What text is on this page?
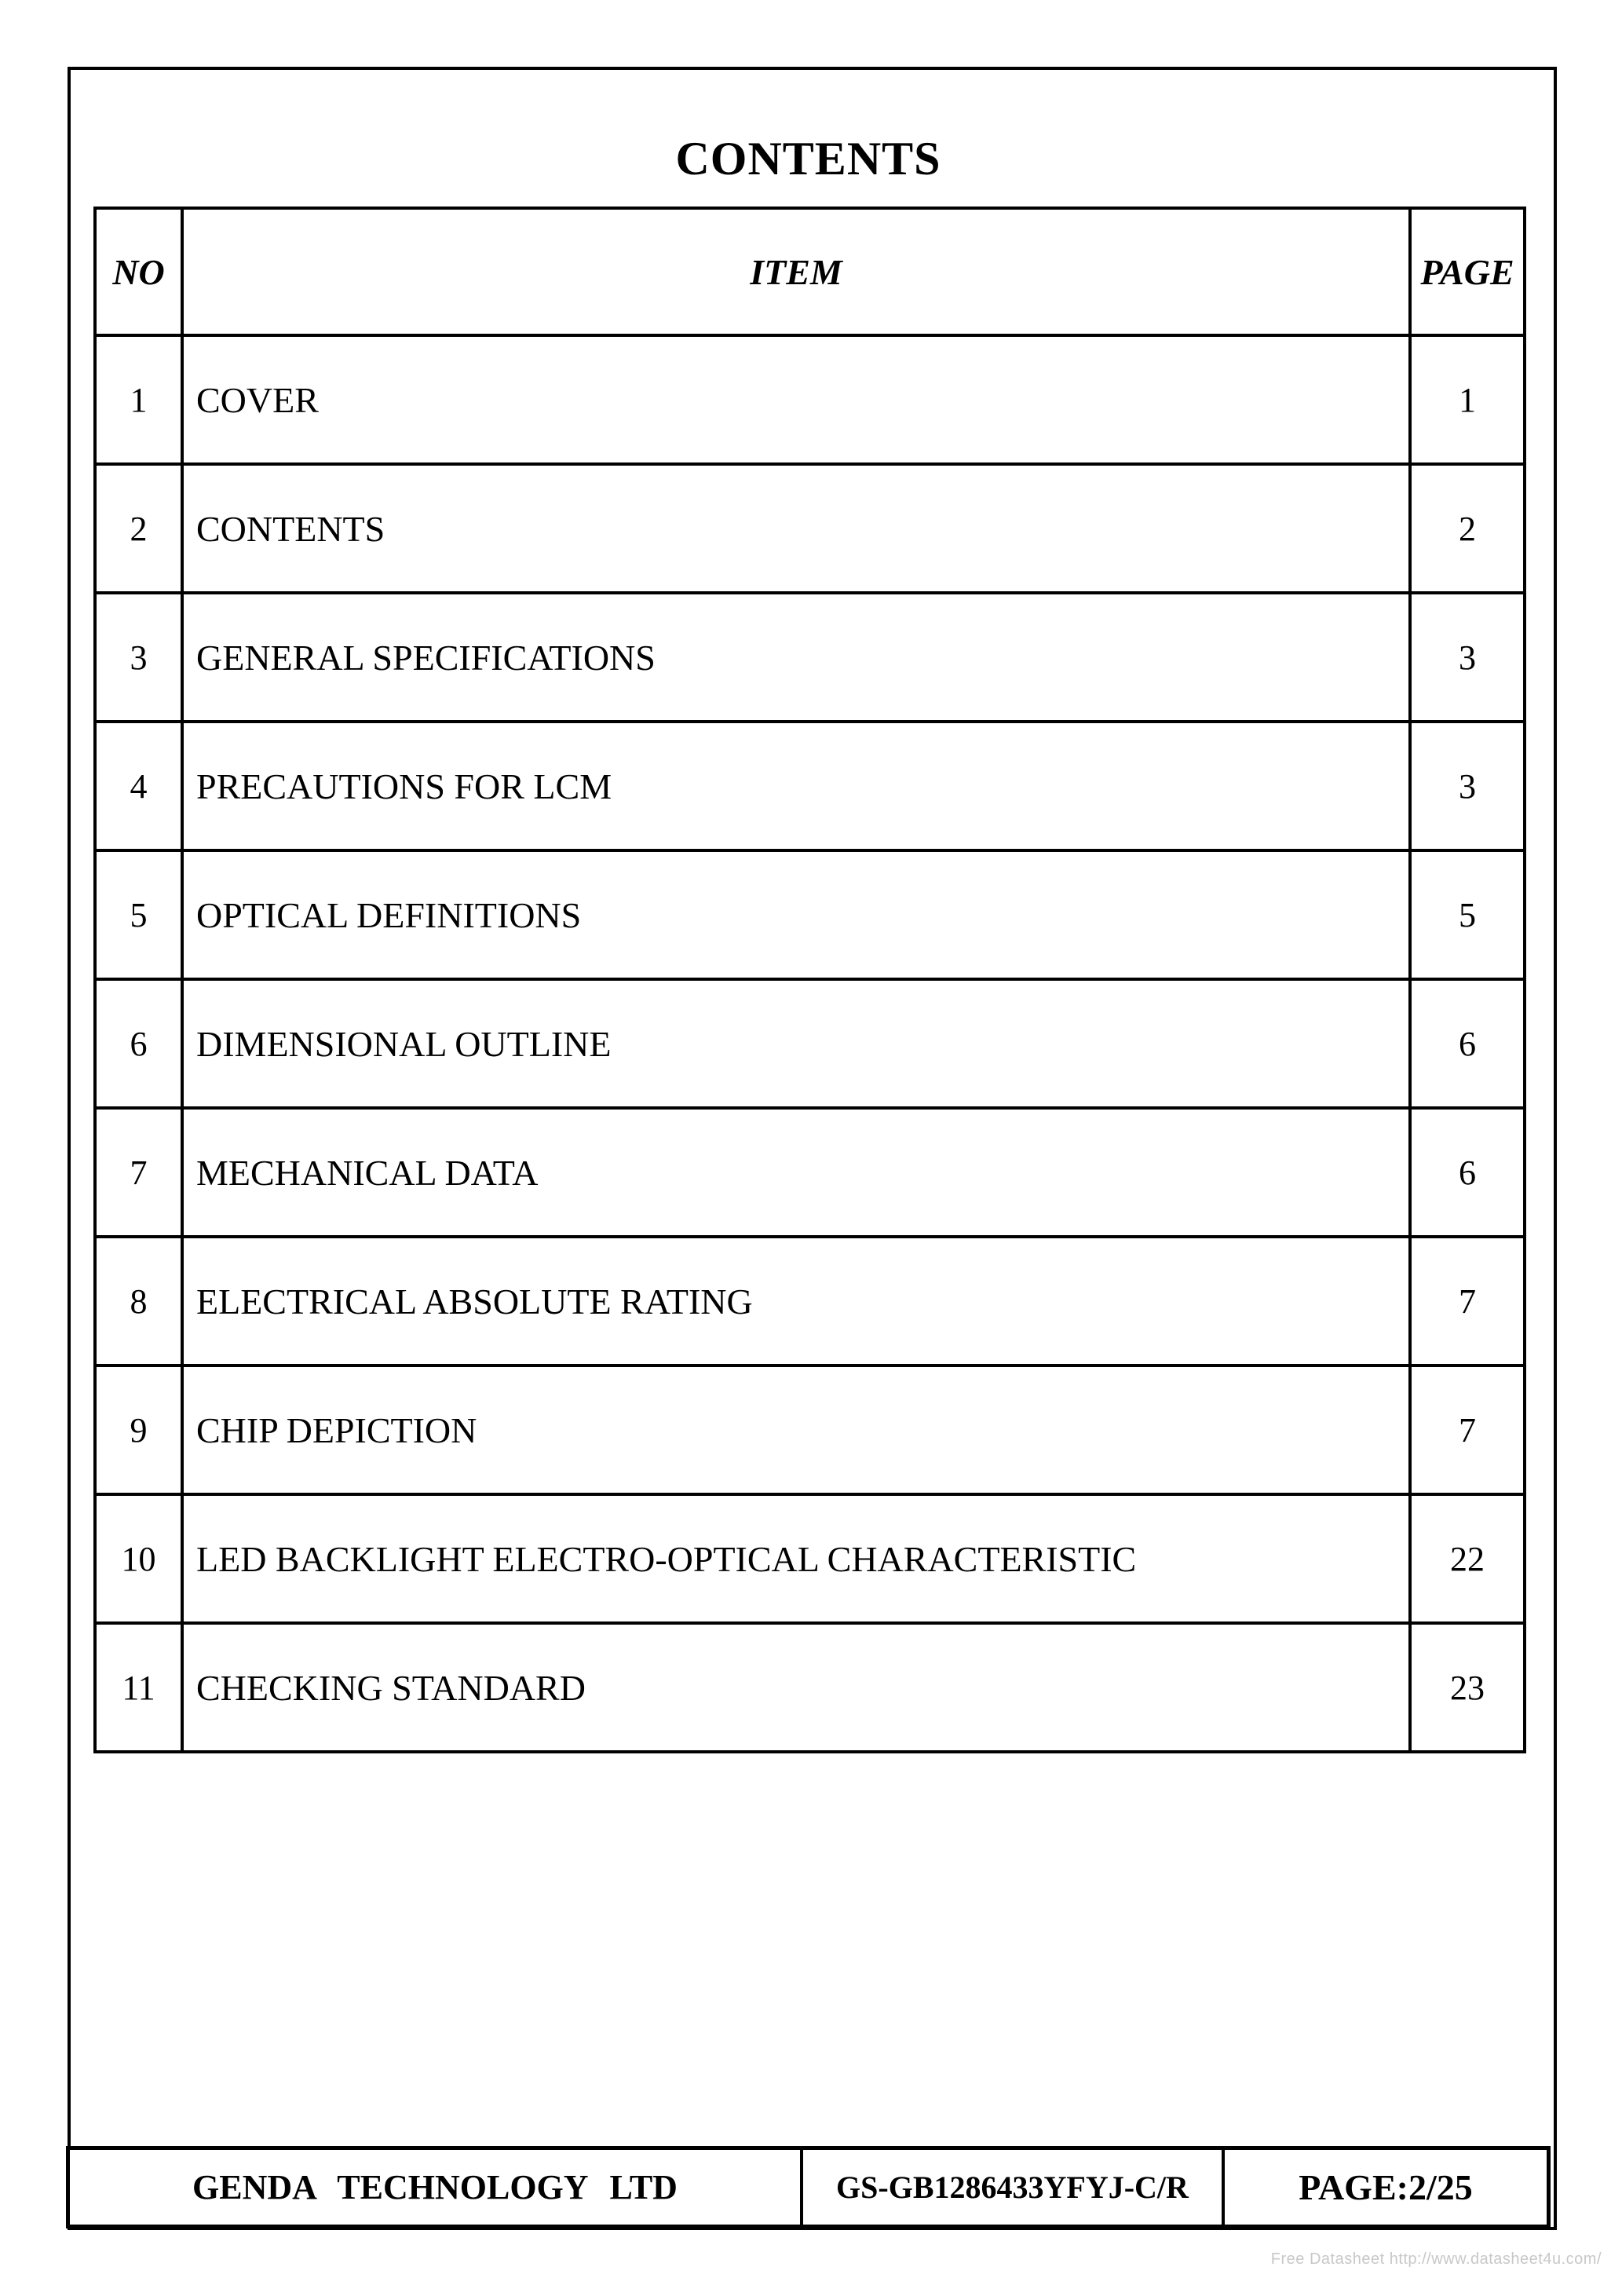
CONTENTS
NO	ITEM	PAGE
1	COVER	1
2	CONTENTS	2
3	GENERAL SPECIFICATIONS	3
4	PRECAUTIONS FOR LCM	3
5	OPTICAL DEFINITIONS	5
6	DIMENSIONAL OUTLINE	6
7	MECHANICAL DATA	6
8	ELECTRICAL ABSOLUTE RATING	7
9	CHIP DEPICTION	7
10	LED BACKLIGHT ELECTRO-OPTICAL CHARACTERISTIC	22
11	CHECKING STANDARD	23
GENDA TECHNOLOGY LTD	GS-GB1286433YFYJ-C/R	PAGE:2/25
Free Datasheet http://www.datasheet4u.com/
